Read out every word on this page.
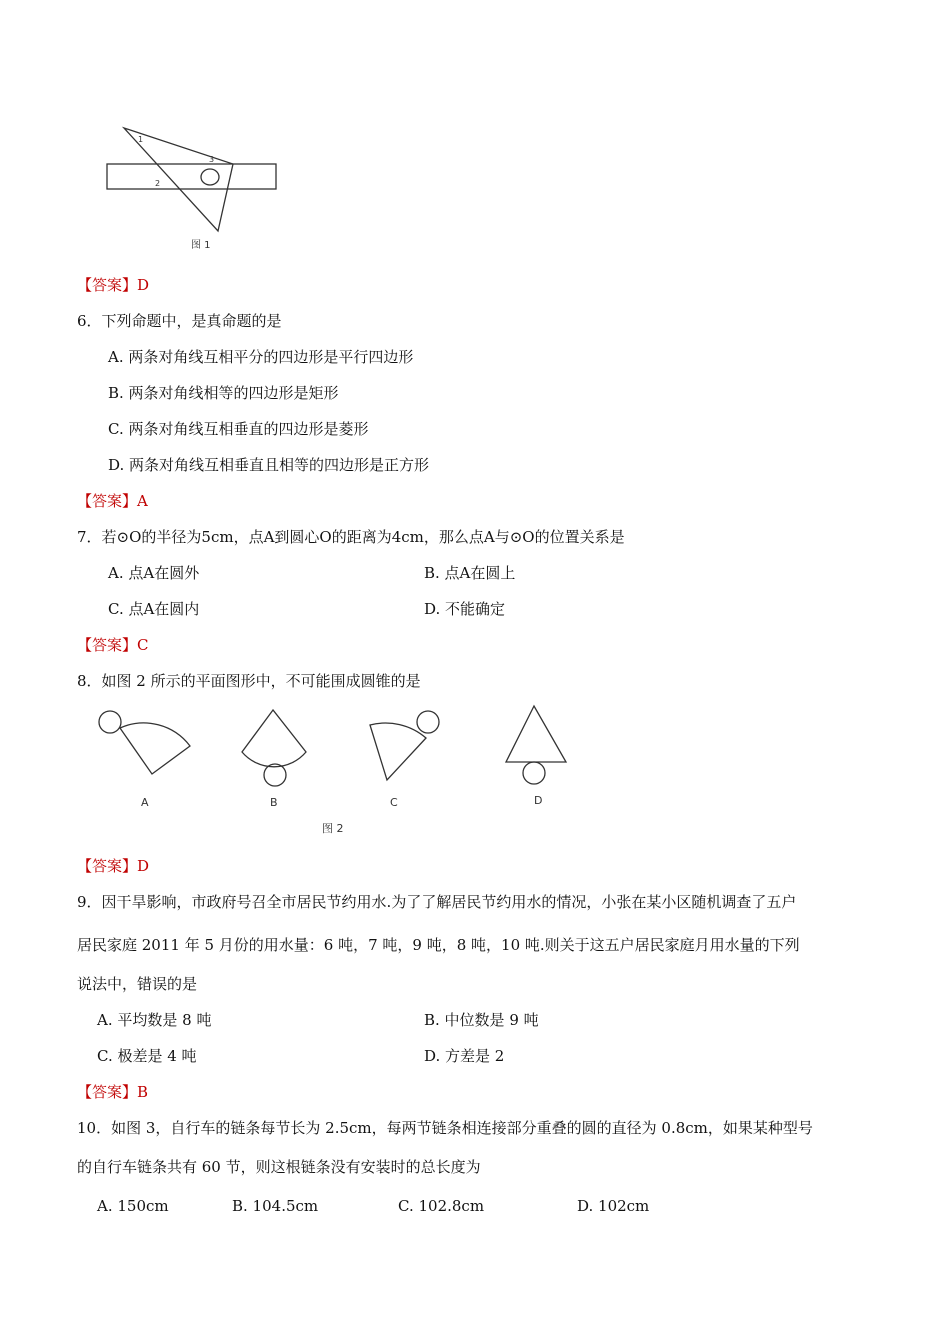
1
2
3
图 1
【答案】D
6．下列命题中，是真命题的是
A. 两条对角线互相平分的四边形是平行四边形
B. 两条对角线相等的四边形是矩形
C. 两条对角线互相垂直的四边形是菱形
D. 两条对角线互相垂直且相等的四边形是正方形
【答案】A
7．若⊙O的半径为5cm，点A到圆心O的距离为4cm，那么点A与⊙O的位置关系是
A. 点A在圆外	B. 点A在圆上
C. 点A在圆内	D. 不能确定
【答案】C
8．如图 2 所示的平面图形中，不可能围成圆锥的是
A	B	C	D
图 2
【答案】D
9．因干旱影响，市政府号召全市居民节约用水.为了了解居民节约用水的情况，小张在某小区随机调查了五户
居民家庭 2011 年 5 月份的用水量：6 吨，7 吨，9 吨，8 吨，10 吨.则关于这五户居民家庭月用水量的下列
说法中，错误的是
A. 平均数是 8 吨	B. 中位数是 9 吨
C. 极差是 4 吨	D. 方差是 2
【答案】B
10．如图 3，自行车的链条每节长为 2.5cm，每两节链条相连接部分重叠的圆的直径为 0.8cm，如果某种型号
的自行车链条共有 60 节，则这根链条没有安装时的总长度为
A. 150cm	B. 104.5cm	C. 102.8cm	D. 102cm
